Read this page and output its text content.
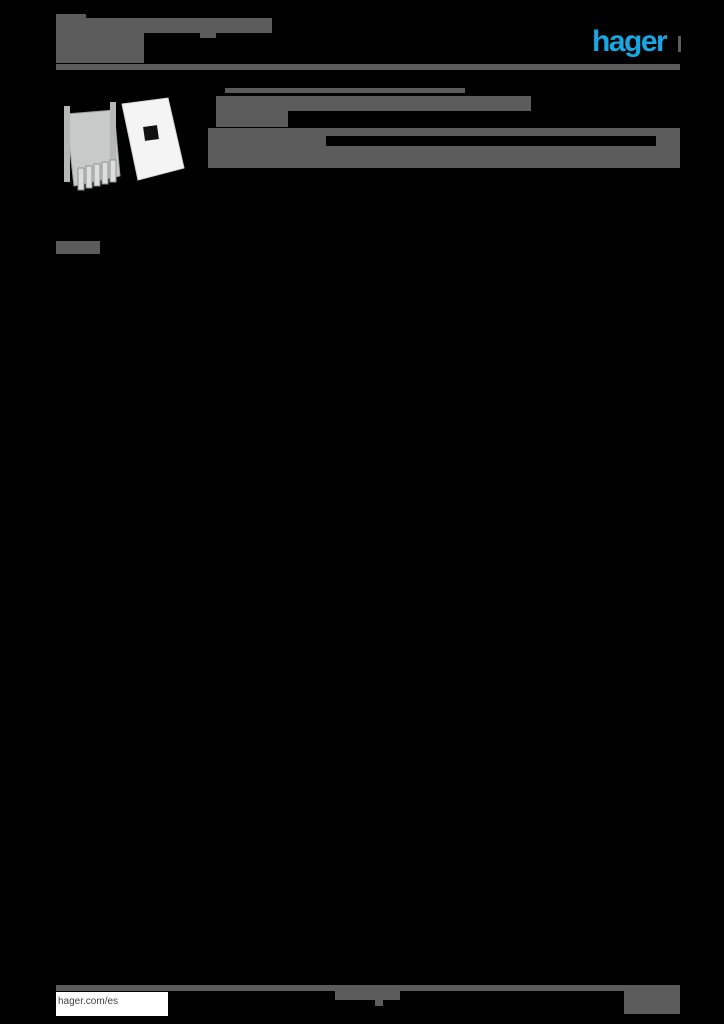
hager
hager.com/es
